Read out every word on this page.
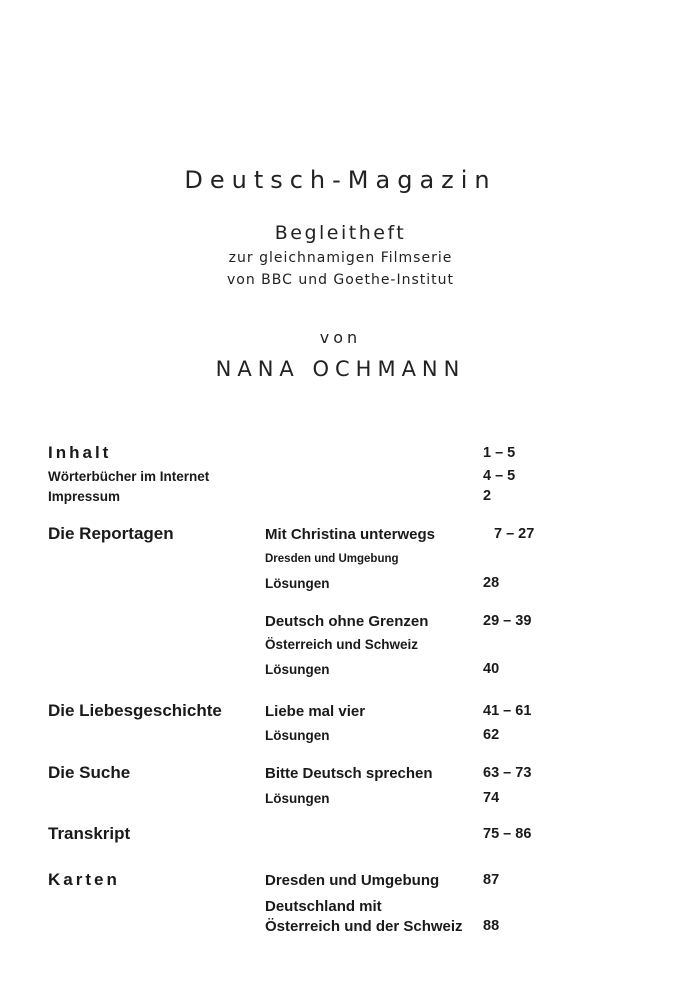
Deutsch-Magazin
Begleitheft
zur gleichnamigen Filmserie
von BBC und Goethe-Institut
von
NANA OCHMANN
Inhalt	1 – 5
Wörterbücher im Internet	4 – 5
Impressum	2
Die Reportagen	Mit Christina unterwegs	7 – 27
Dresden und Umgebung
Lösungen	28
Deutsch ohne Grenzen	29 – 39
Österreich und Schweiz
Lösungen	40
Die Liebesgeschichte	Liebe mal vier	41 – 61
Lösungen	62
Die Suche	Bitte Deutsch sprechen	63 – 73
Lösungen	74
Transkript	75 – 86
Karten	Dresden und Umgebung	87
Deutschland mit
Österreich und der Schweiz 88
